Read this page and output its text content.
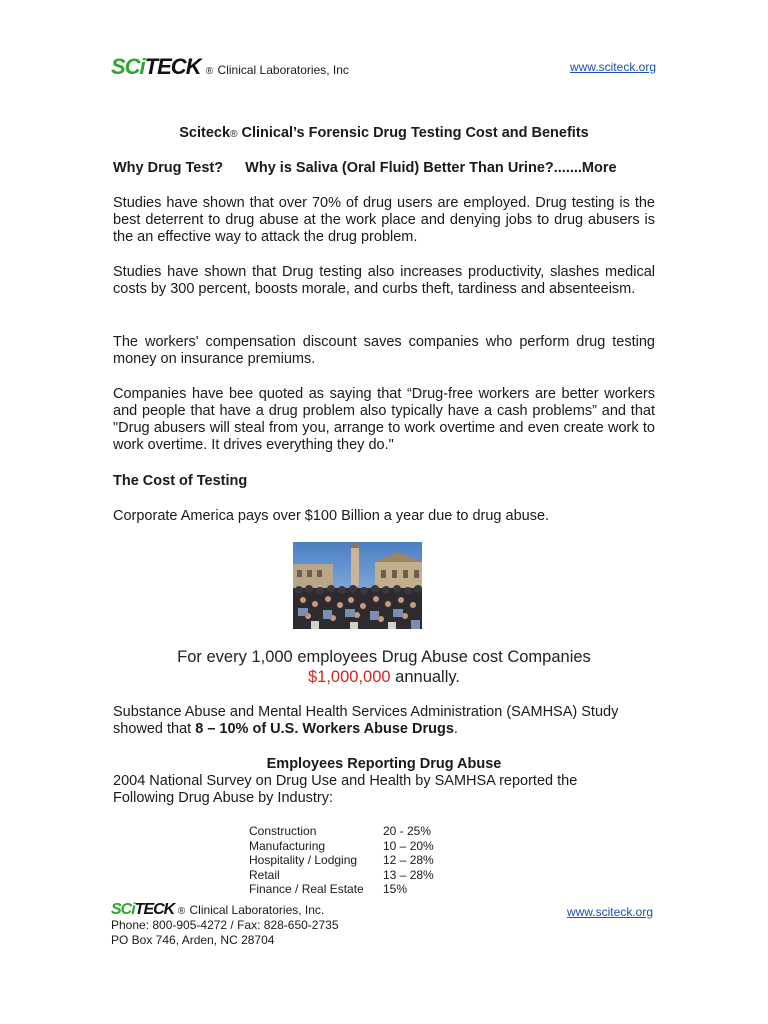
SCiTECK ® Clinical Laboratories, Inc	www.sciteck.org
Sciteck® Clinical’s Forensic Drug Testing Cost and Benefits
Why Drug Test? Why is Saliva (Oral Fluid) Better Than Urine?.......More

Studies have shown that over 70% of drug users are employed. Drug testing is the best deterrent to drug abuse at the work place and denying jobs to drug abusers is the an effective way to attack the drug problem.

Studies have shown that Drug testing also increases productivity, slashes medical costs by 300 percent, boosts morale, and curbs theft, tardiness and absenteeism.

The workers' compensation discount saves companies who perform drug testing money on insurance premiums.

Companies have bee quoted as saying that “Drug-free workers are better workers and people that have a drug problem also typically have a cash problems” and that "Drug abusers will steal from you, arrange to work overtime and even create work to work overtime. It drives everything they do."

The Cost of Testing
Corporate America pays over $100 Billion a year due to drug abuse.
For every 1,000 employees Drug Abuse cost Companies
$1,000,000 annually.

Substance Abuse and Mental Health Services Administration (SAMHSA) Study showed that 8 – 10% of U.S. Workers Abuse Drugs.

Employees Reporting Drug Abuse

2004 National Survey on Drug Use and Health by SAMHSA reported the Following Drug Abuse by Industry:

Construction	20 - 25%
Manufacturing	10 – 20%
Hospitality / Lodging	12 – 28%
Retail	13 – 28%
Finance / Real Estate	15%
SCiTECK ® Clinical Laboratories, Inc.
Phone: 800-905-4272 / Fax: 828-650-2735
PO Box 746, Arden, NC 28704
www.sciteck.org
